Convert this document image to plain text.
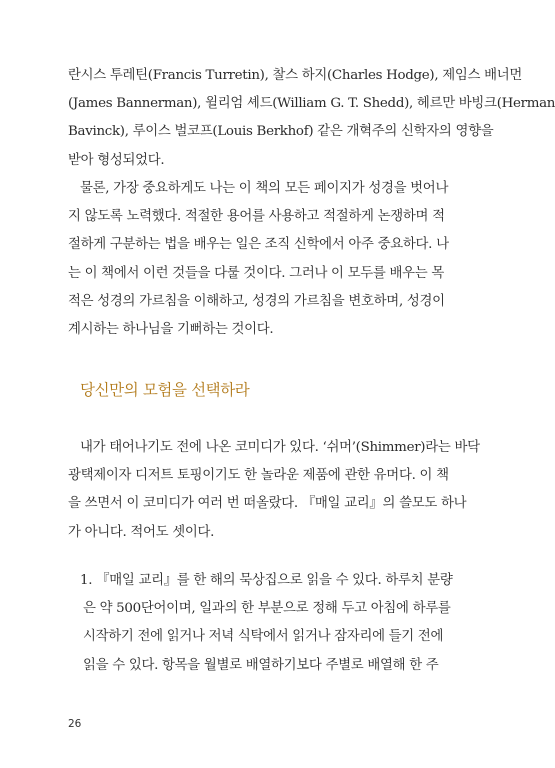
란시스 투레틴(Francis Turretin), 찰스 하지(Charles Hodge), 제임스 배너먼
(James Bannerman), 윌리엄 셰드(William G. T. Shedd), 헤르만 바빙크(Herman
Bavinck), 루이스 벌코프(Louis Berkhof) 같은 개혁주의 신학자의 영향을
받아 형성되었다.

물론, 가장 중요하게도 나는 이 책의 모든 페이지가 성경을 벗어나
지 않도록 노력했다. 적절한 용어를 사용하고 적절하게 논쟁하며 적
절하게 구분하는 법을 배우는 일은 조직 신학에서 아주 중요하다. 나
는 이 책에서 이런 것들을 다룰 것이다. 그러나 이 모두를 배우는 목
적은 성경의 가르침을 이해하고, 성경의 가르침을 변호하며, 성경이
계시하는 하나님을 기뻐하는 것이다.

당신만의 모험을 선택하라

내가 태어나기도 전에 나온 코미디가 있다. ‘쉬머’(Shimmer)라는 바닥
광택제이자 디저트 토핑이기도 한 놀라운 제품에 관한 유머다. 이 책
을 쓰면서 이 코미디가 여러 번 떠올랐다. 『매일 교리』의 쓸모도 하나
가 아니다. 적어도 셋이다.

1. 『매일 교리』를 한 해의 묵상집으로 읽을 수 있다. 하루치 분량
은 약 500단어이며, 일과의 한 부분으로 정해 두고 아침에 하루를
시작하기 전에 읽거나 저녁 식탁에서 읽거나 잠자리에 들기 전에
읽을 수 있다. 항목을 월별로 배열하기보다 주별로 배열해 한 주

26
